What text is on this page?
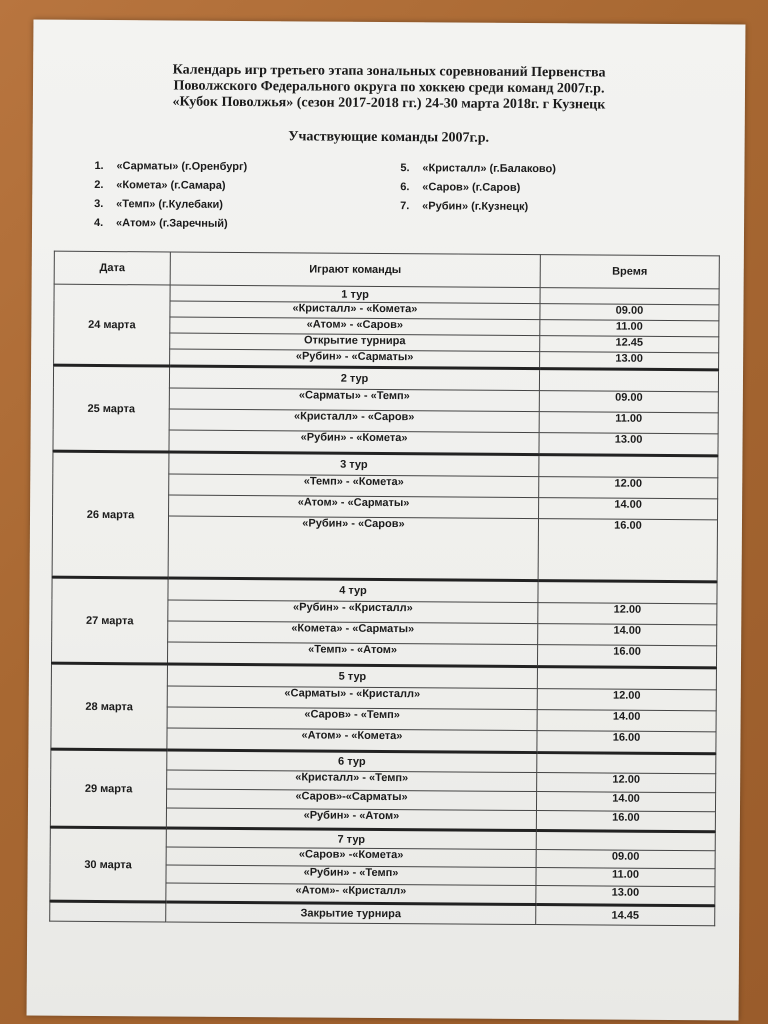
Календарь игр третьего этапа зональных соревнований Первенства
Поволжского Федерального округа по хоккею среди команд 2007г.р.
«Кубок Поволжья» (сезон 2017-2018 гг.) 24-30 марта 2018г. г Кузнецк
Участвующие команды 2007г.р.
1. «Сарматы» (г.Оренбург)
2. «Комета» (г.Самара)
3. «Темп» (г.Кулебаки)
4. «Атом» (г.Заречный)
5. «Кристалл» (г.Балаково)
6. «Саров» (г.Саров)
7. «Рубин» (г.Кузнецк)
Дата	Играют команды	Время
24 марта	1 тур	
	«Кристалл» - «Комета»	09.00
	«Атом» - «Саров»	11.00
	Открытие турнира	12.45
	«Рубин» - «Сарматы»	13.00
25 марта	2 тур	
	«Сарматы» - «Темп»	09.00
	«Кристалл» - «Саров»	11.00
	«Рубин» - «Комета»	13.00
26 марта	3 тур	
	«Темп» - «Комета»	12.00
	«Атом» - «Сарматы»	14.00
	«Рубин» - «Саров»	16.00
27 марта	4 тур	
	«Рубин» - «Кристалл»	12.00
	«Комета» - «Сарматы»	14.00
	«Темп» - «Атом»	16.00
28 марта	5 тур	
	«Сарматы» - «Кристалл»	12.00
	«Саров» - «Темп»	14.00
	«Атом» - «Комета»	16.00
29 марта	6 тур	
	«Кристалл» - «Темп»	12.00
	«Саров»-«Сарматы»	14.00
	«Рубин» - «Атом»	16.00
30 марта	7 тур	
	«Саров» -«Комета»	09.00
	«Рубин» - «Темп»	11.00
	«Атом»- «Кристалл»	13.00
	Закрытие турнира	14.45
